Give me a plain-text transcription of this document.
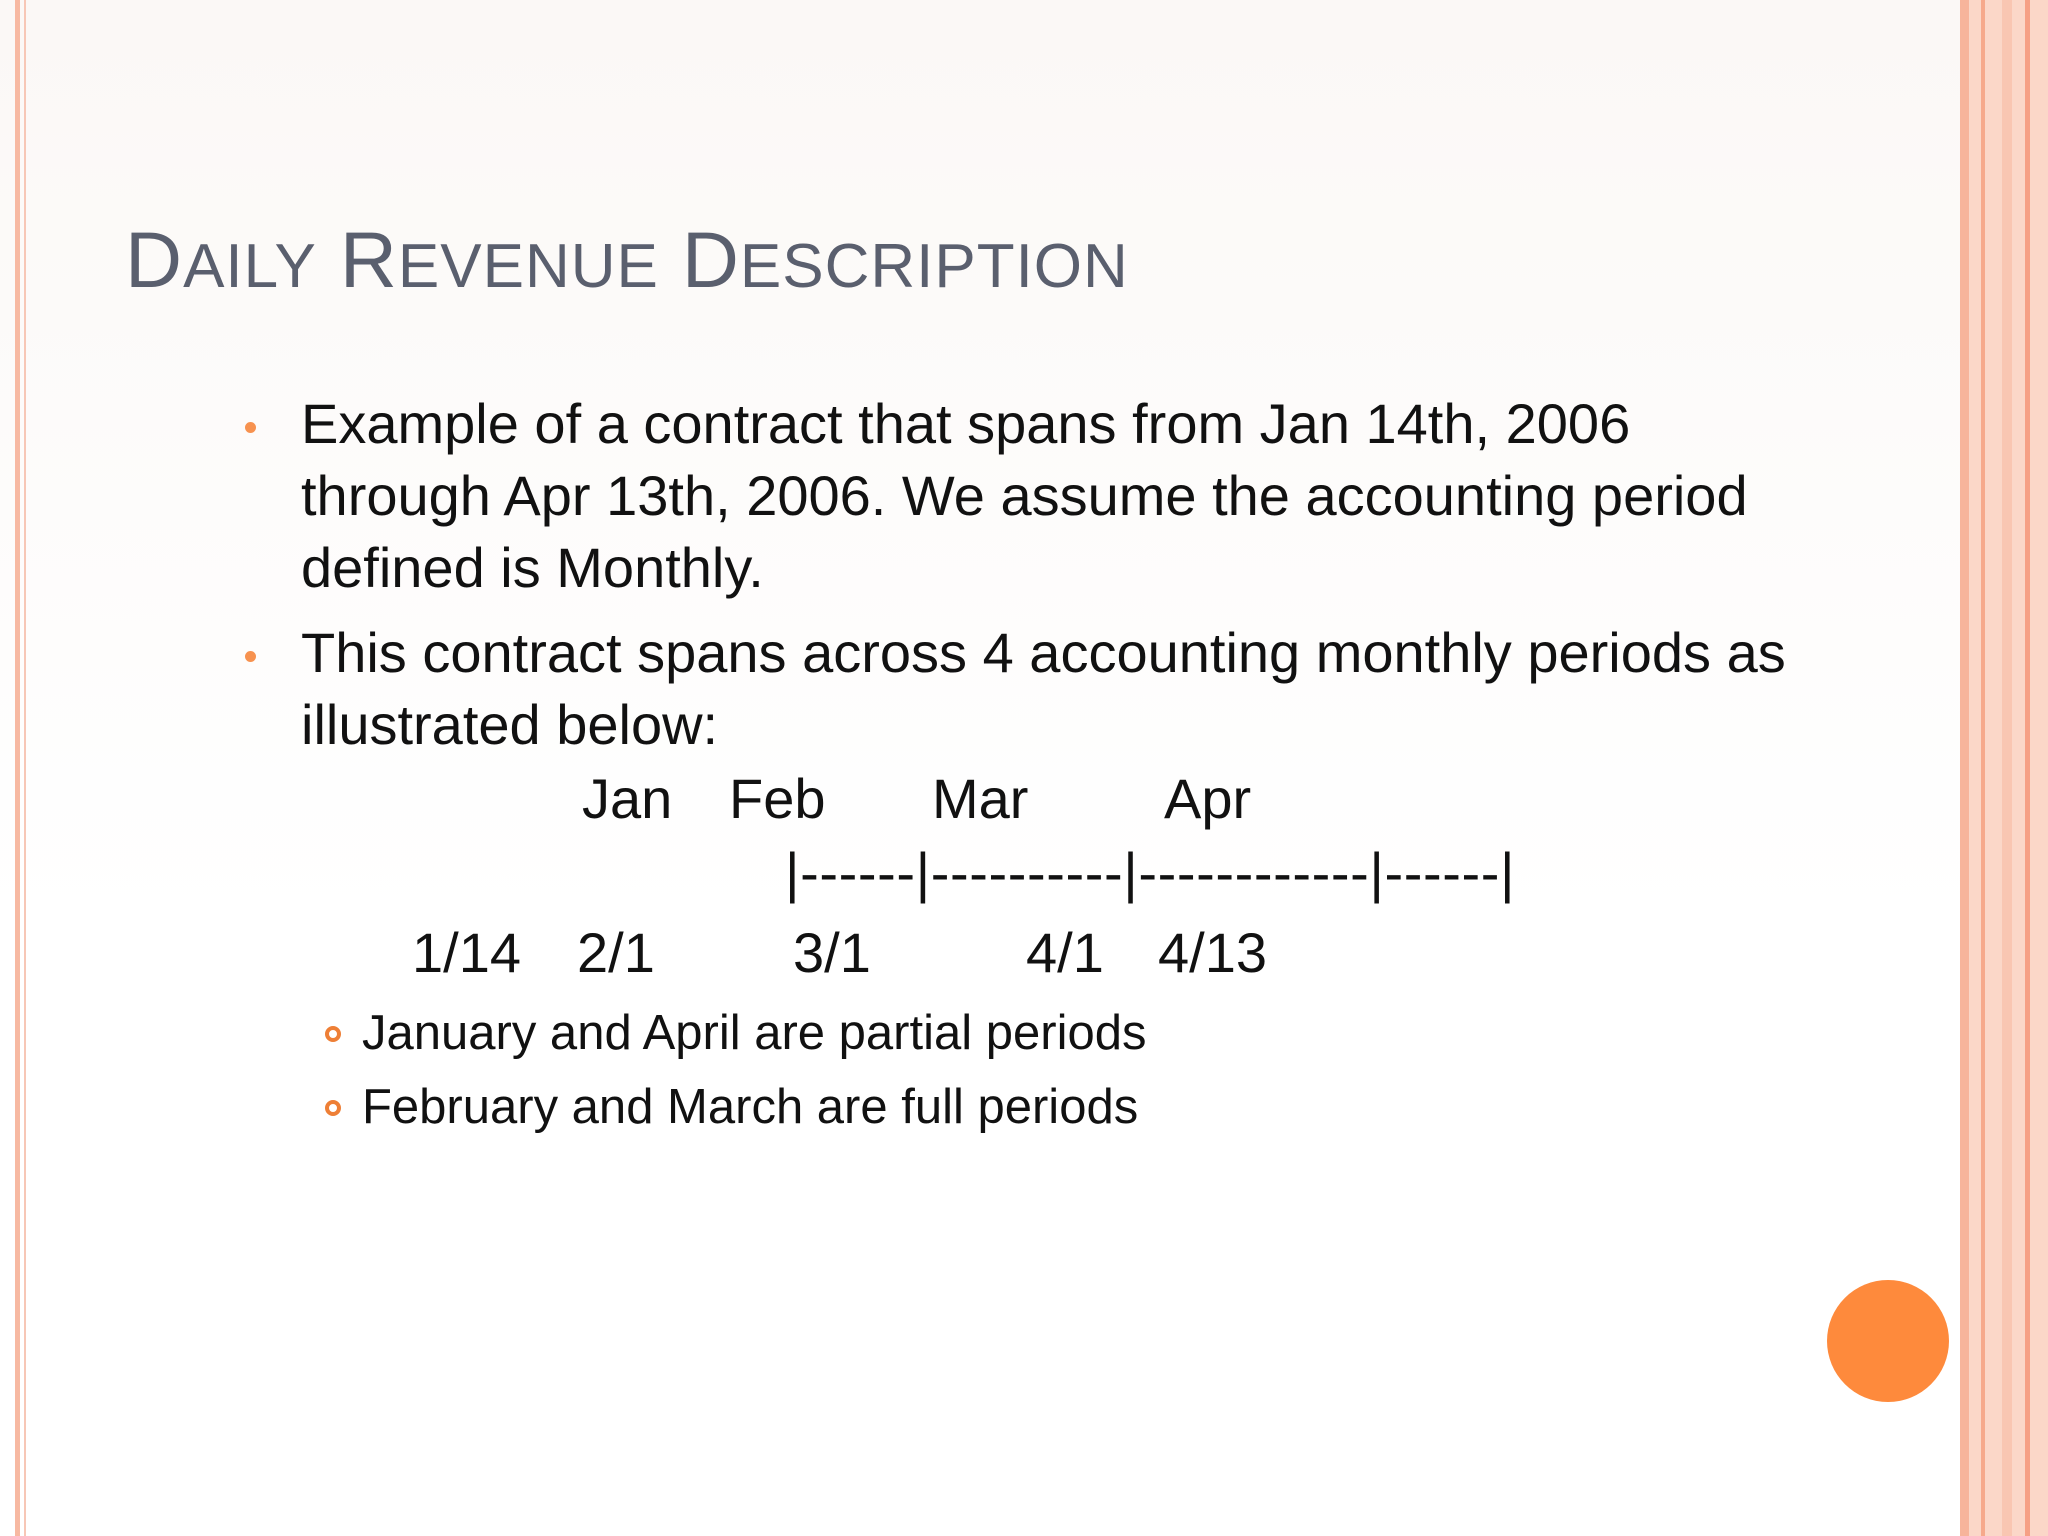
DAILY REVENUE DESCRIPTION

Example of a contract that spans from Jan 14th, 2006
through Apr 13th, 2006. We assume the accounting period
defined is Monthly.

This contract spans across 4 accounting monthly periods as
illustrated below:

Jan Feb Mar Apr
|------|----------|------------|------|
1/14 2/1 3/1	4/1 4/13

January and April are partial periods

February and March are full periods
